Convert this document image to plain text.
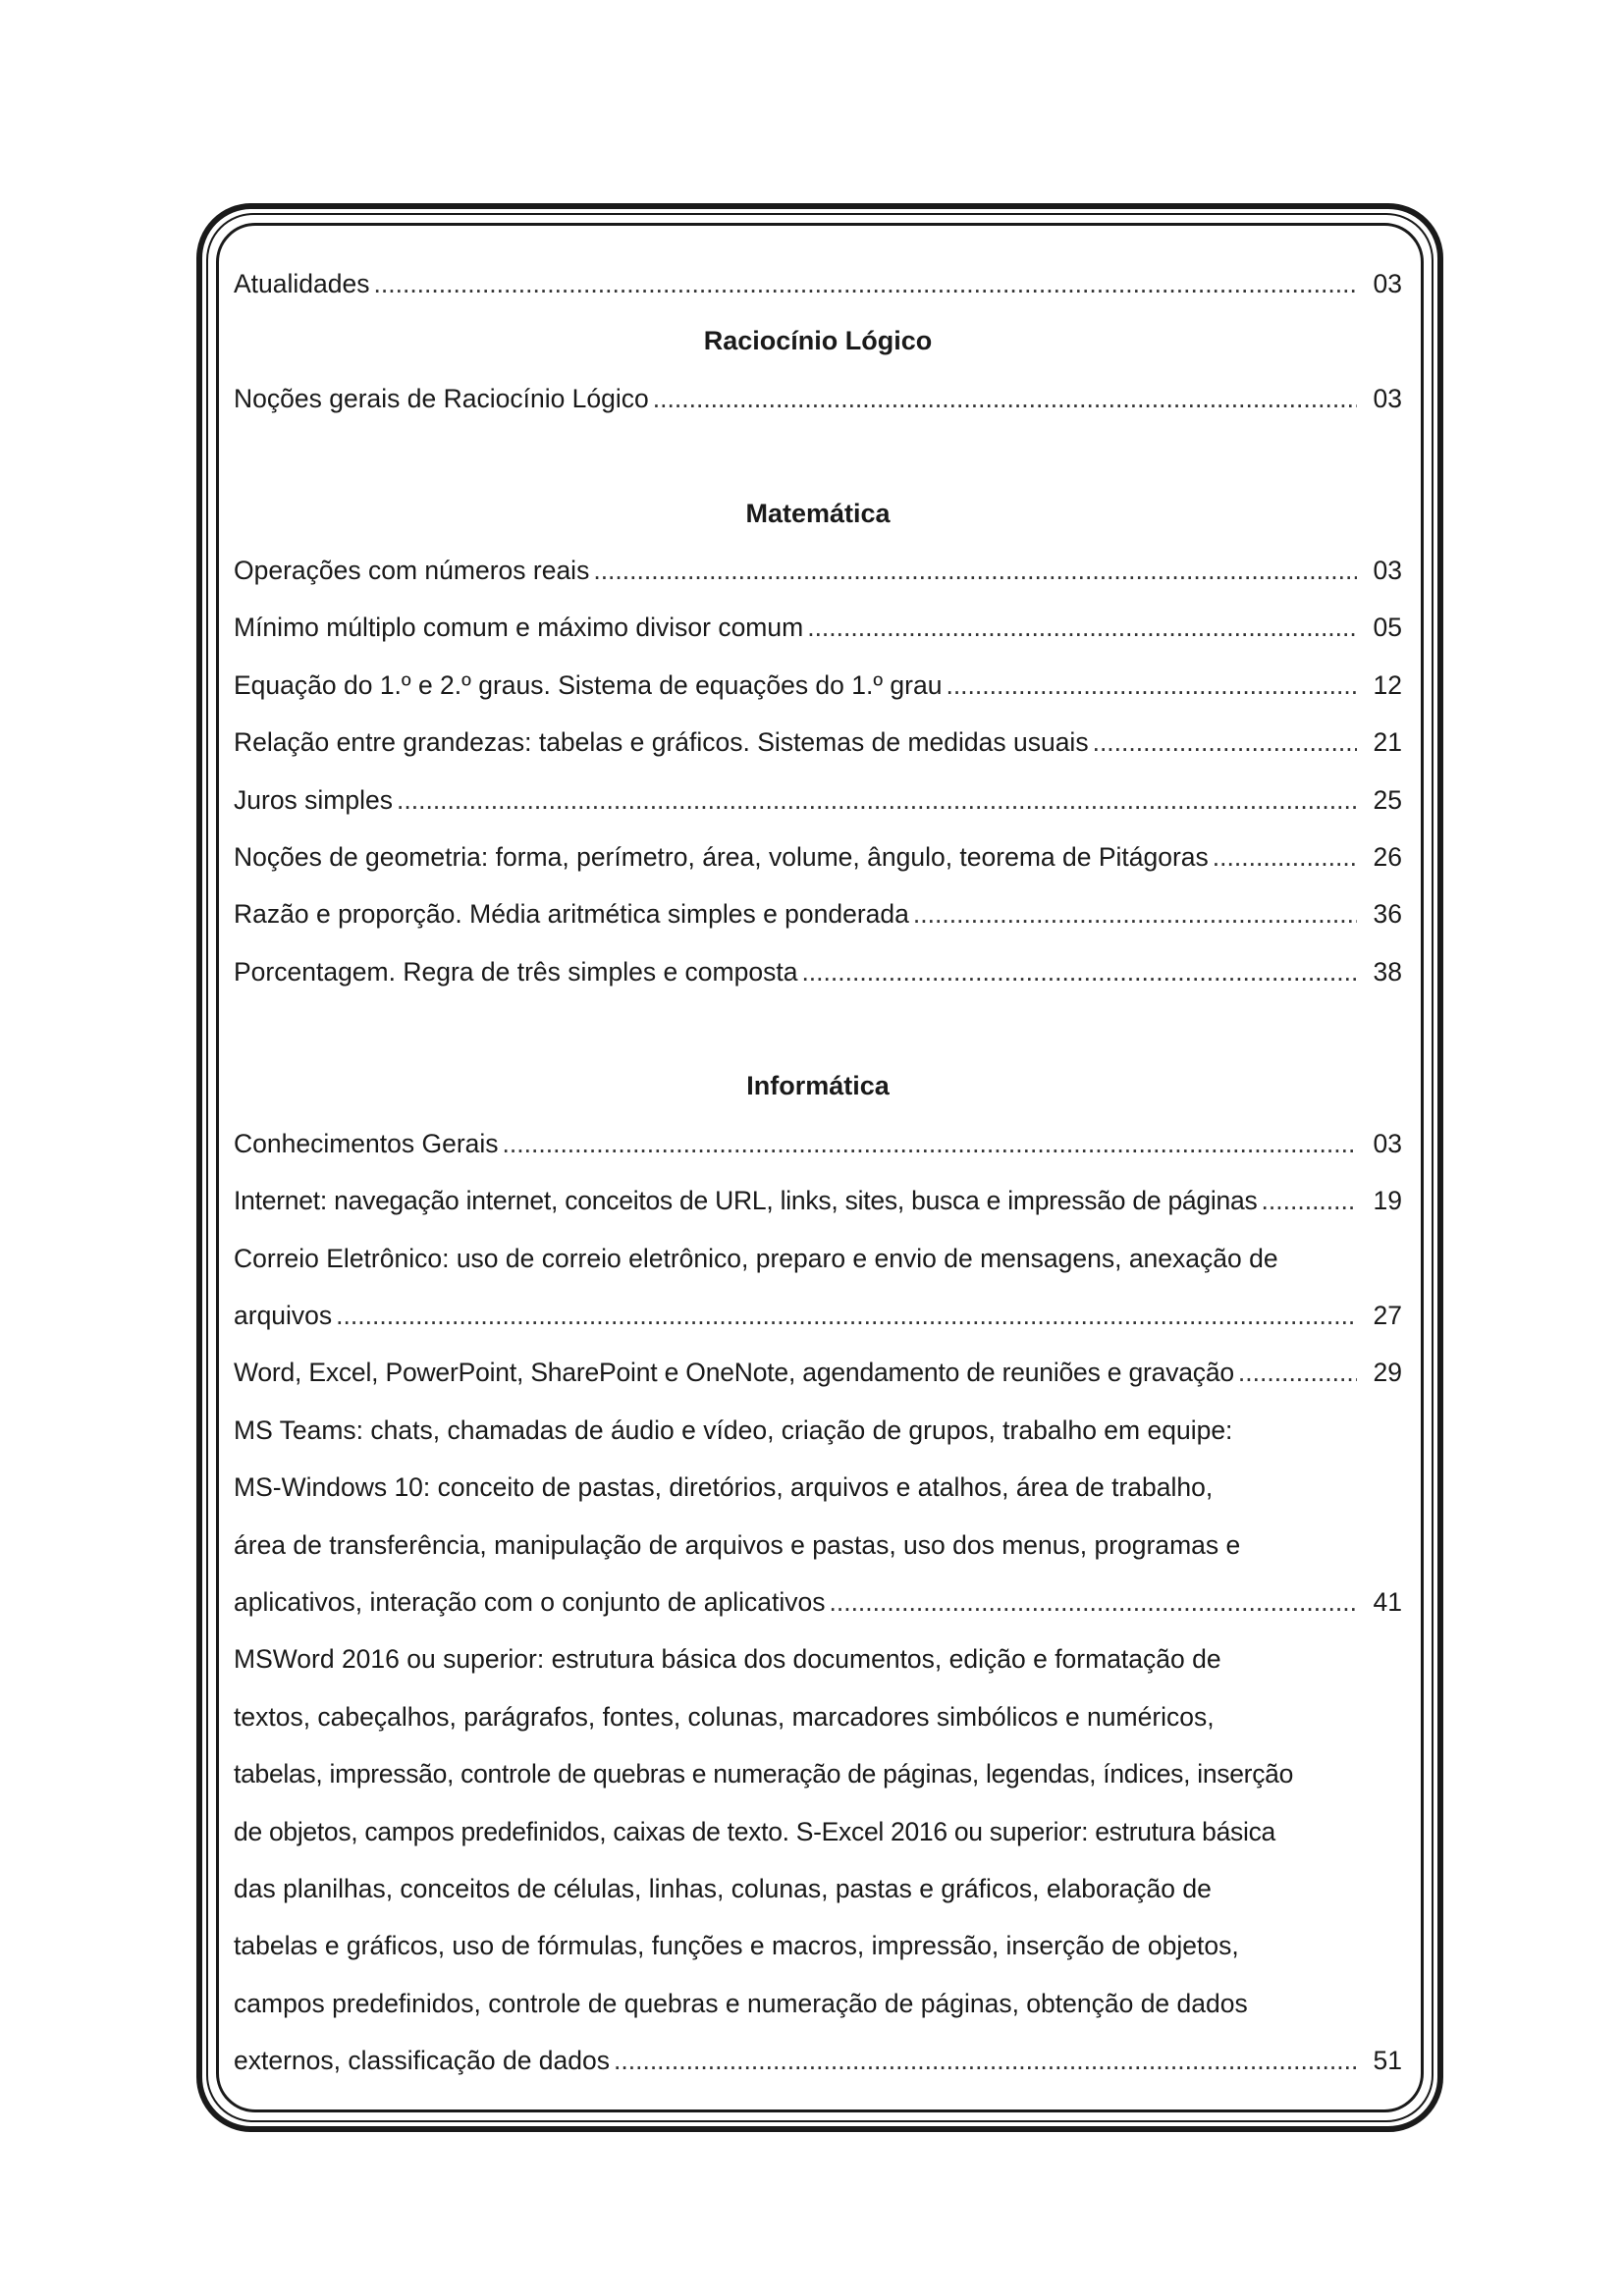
Atualidades .....	03
Raciocínio Lógico
Noções gerais de Raciocínio Lógico .....	03
Matemática
Operações com números reais .....	03
Mínimo múltiplo comum e máximo divisor comum .....	05
Equação do 1.º e 2.º graus. Sistema de equações do 1.º grau .....	12
Relação entre grandezas: tabelas e gráficos. Sistemas de medidas usuais .....	21
Juros simples .....	25
Noções de geometria: forma, perímetro, área, volume, ângulo, teorema de Pitágoras .....	26
Razão e proporção. Média aritmética simples e ponderada .....	36
Porcentagem. Regra de três simples e composta .....	38
Informática
Conhecimentos Gerais .....	03
Internet: navegação internet, conceitos de URL, links, sites, busca e impressão de páginas .....	19
Correio Eletrônico: uso de correio eletrônico, preparo e envio de mensagens, anexação de
arquivos .....	27
Word, Excel, PowerPoint, SharePoint e OneNote, agendamento de reuniões e gravação .....	29
MS Teams: chats, chamadas de áudio e vídeo, criação de grupos, trabalho em equipe:
MS-Windows 10: conceito de pastas, diretórios, arquivos e atalhos, área de trabalho,
área de transferência, manipulação de arquivos e pastas, uso dos menus, programas e
aplicativos, interação com o conjunto de aplicativos .....	41
MSWord 2016 ou superior: estrutura básica dos documentos, edição e formatação de
textos, cabeçalhos, parágrafos, fontes, colunas, marcadores simbólicos e numéricos,
tabelas, impressão, controle de quebras e numeração de páginas, legendas, índices, inserção
de objetos, campos predefinidos, caixas de texto. S-Excel 2016 ou superior: estrutura básica
das planilhas, conceitos de células, linhas, colunas, pastas e gráficos, elaboração de
tabelas e gráficos, uso de fórmulas, funções e macros, impressão, inserção de objetos,
campos predefinidos, controle de quebras e numeração de páginas, obtenção de dados
externos, classificação de dados .....	51
